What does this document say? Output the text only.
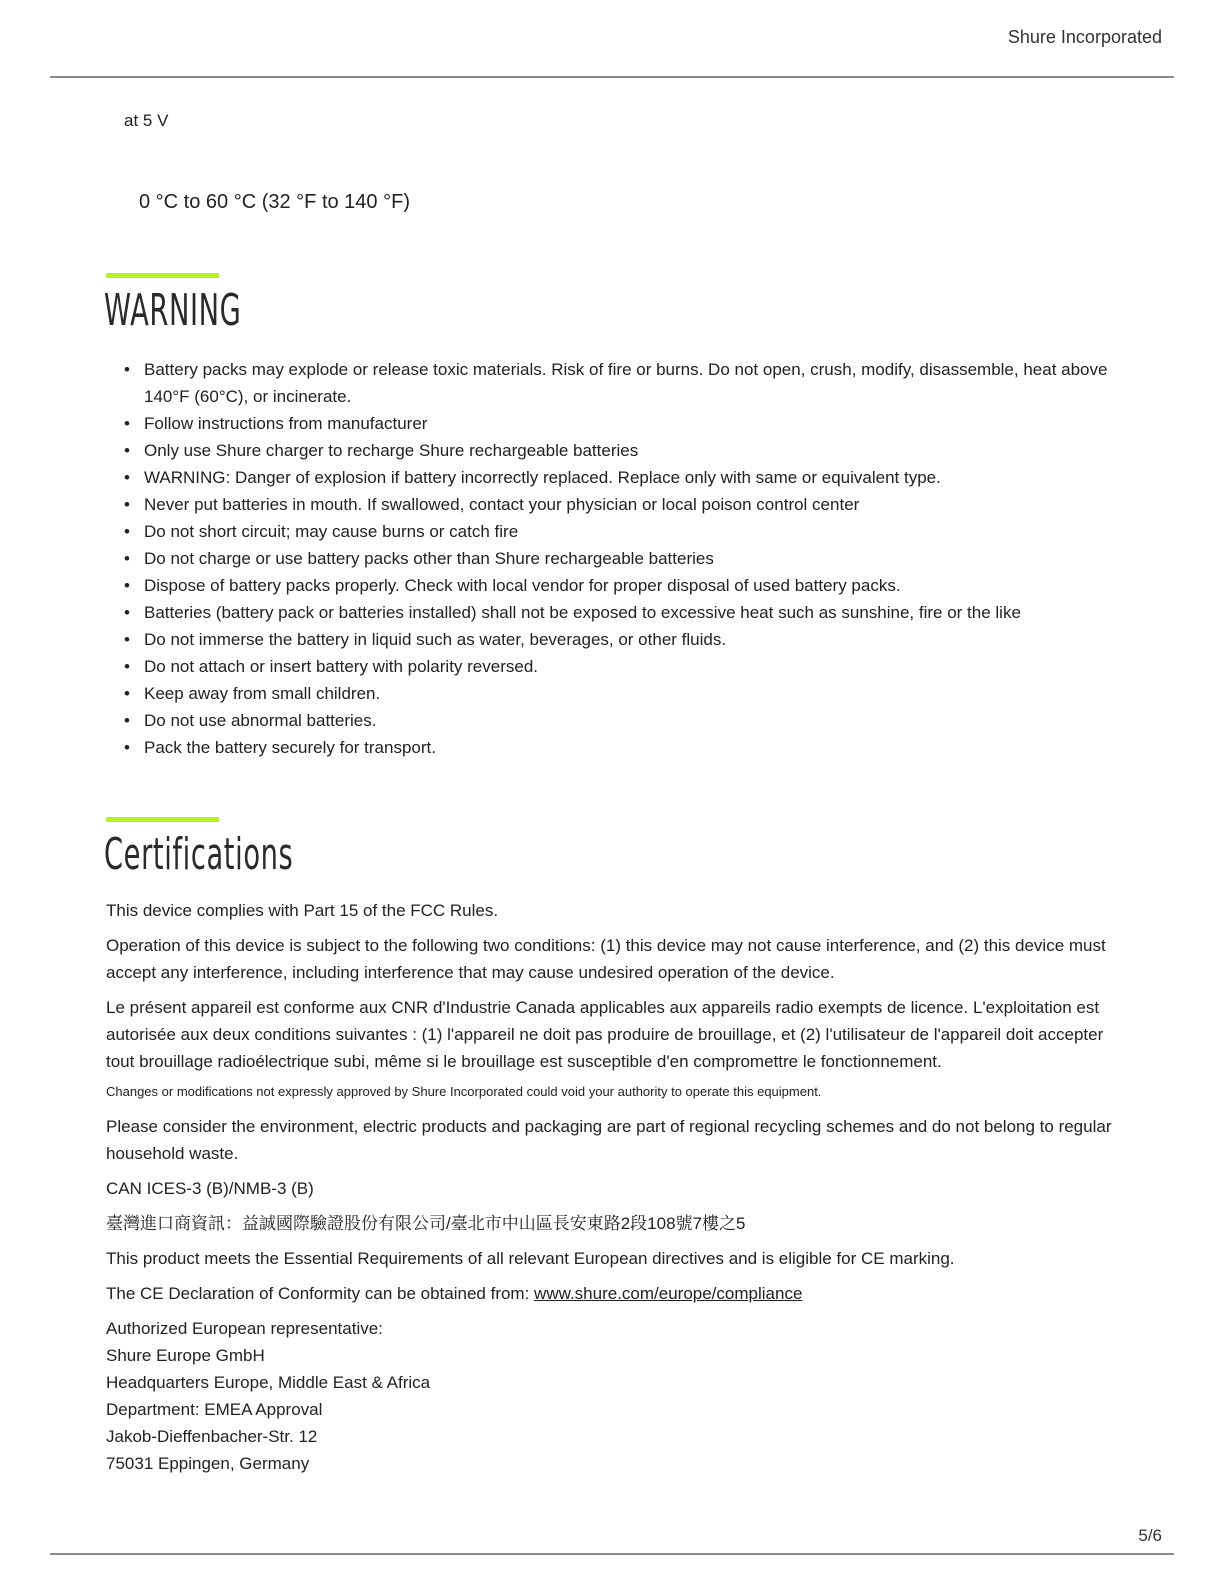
Shure Incorporated
at 5 V
0 °C to 60 °C (32 °F to 140 °F)
WARNING
• Battery packs may explode or release toxic materials. Risk of fire or burns. Do not open, crush, modify, disassemble, heat above 140°F (60°C), or incinerate.
• Follow instructions from manufacturer
• Only use Shure charger to recharge Shure rechargeable batteries
• WARNING: Danger of explosion if battery incorrectly replaced. Replace only with same or equivalent type.
• Never put batteries in mouth. If swallowed, contact your physician or local poison control center
• Do not short circuit; may cause burns or catch fire
• Do not charge or use battery packs other than Shure rechargeable batteries
• Dispose of battery packs properly. Check with local vendor for proper disposal of used battery packs.
• Batteries (battery pack or batteries installed) shall not be exposed to excessive heat such as sunshine, fire or the like
• Do not immerse the battery in liquid such as water, beverages, or other fluids.
• Do not attach or insert battery with polarity reversed.
• Keep away from small children.
• Do not use abnormal batteries.
• Pack the battery securely for transport.
Certifications

This device complies with Part 15 of the FCC Rules.

Operation of this device is subject to the following two conditions: (1) this device may not cause interference, and (2) this device must accept any interference, including interference that may cause undesired operation of the device.

Le présent appareil est conforme aux CNR d'Industrie Canada applicables aux appareils radio exempts de licence. L'exploitation est autorisée aux deux conditions suivantes : (1) l'appareil ne doit pas produire de brouillage, et (2) l'utilisateur de l'appareil doit accepter tout brouillage radioélectrique subi, même si le brouillage est susceptible d'en compromettre le fonctionnement.

Changes or modifications not expressly approved by Shure Incorporated could void your authority to operate this equipment.

Please consider the environment, electric products and packaging are part of regional recycling schemes and do not belong to regular household waste.

CAN ICES-3 (B)/NMB-3 (B)

臺灣進口商資訊：益誠國際驗證股份有限公司/臺北市中山區長安東路2段108號7樓之5

This product meets the Essential Requirements of all relevant European directives and is eligible for CE marking.

The CE Declaration of Conformity can be obtained from: www.shure.com/europe/compliance

Authorized European representative:
Shure Europe GmbH
Headquarters Europe, Middle East & Africa
Department: EMEA Approval
Jakob-Dieffenbacher-Str. 12
75031 Eppingen, Germany

5/6
